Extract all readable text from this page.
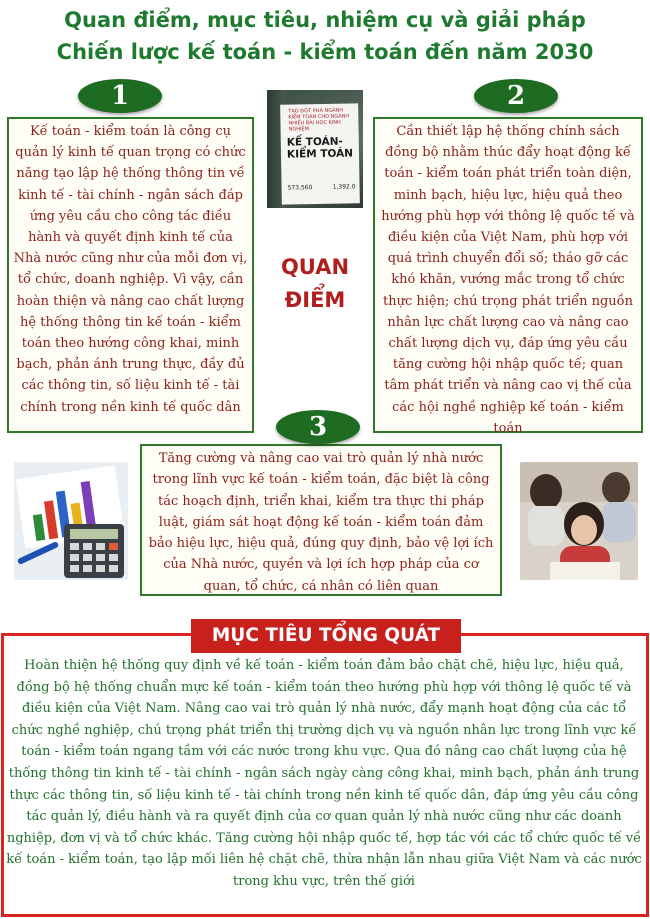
Quan điểm, mục tiêu, nhiệm cụ và giải pháp
Chiến lược kế toán - kiểm toán đến năm 2030
1	2
3
Kế toán - kiểm toán là công cụ quản lý kinh tế quan trọng có chức năng tạo lập hệ thống thông tin về kinh tế - tài chính - ngân sách đáp ứng yêu cầu cho công tác điều hành và quyết định kinh tế của Nhà nước cũng như của mỗi đơn vị, tổ chức, doanh nghiệp. Vì vậy, cần hoàn thiện và nâng cao chất lượng hệ thống thông tin kế toán - kiểm toán theo hướng công khai, minh bạch, phản ánh trung thực, đầy đủ các thông tin, số liệu kinh tế - tài chính trong nền kinh tế quốc dân
TẠO ĐỘT PHÁ NGÀNH KIỂM TOÁN CHO NGÀNH NHIỀU BÀI HỌC KINH NGHIỆM
KẾ TOÁN-
KIỂM TOÁN
573,560	1,392.0
QUAN
ĐIỂM
Cần thiết lập hệ thống chính sách đồng bộ nhằm thúc đẩy hoạt động kế toán - kiểm toán phát triển toàn diện, minh bạch, hiệu lực, hiệu quả theo hướng phù hợp với thông lệ quốc tế và điều kiện của Việt Nam, phù hợp với quá trình chuyển đổi số; tháo gỡ các khó khăn, vướng mắc trong tổ chức thực hiện; chú trọng phát triển nguồn nhân lực chất lượng cao và nâng cao chất lượng dịch vụ, đáp ứng yêu cầu tăng cường hội nhập quốc tế; quan tâm phát triển và nâng cao vị thế của các hội nghề nghiệp kế toán - kiểm toán
Tăng cường và nâng cao vai trò quản lý nhà nước trong lĩnh vực kế toán - kiểm toán, đặc biệt là công tác hoạch định, triển khai, kiểm tra thực thi pháp luật, giám sát hoạt động kế toán - kiểm toán đảm bảo hiệu lực, hiệu quả, đúng quy định, bảo vệ lợi ích của Nhà nước, quyền và lợi ích hợp pháp của cơ quan, tổ chức, cá nhân có liên quan
MỤC TIÊU TỔNG QUÁT
Hoàn thiện hệ thống quy định về kế toán - kiểm toán đảm bảo chặt chẽ, hiệu lực, hiệu quả, đồng bộ hệ thống chuẩn mực kế toán - kiểm toán theo hướng phù hợp với thông lệ quốc tế và điều kiện của Việt Nam. Nâng cao vai trò quản lý nhà nước, đẩy mạnh hoạt động của các tổ chức nghề nghiệp, chú trọng phát triển thị trường dịch vụ và nguồn nhân lực trong lĩnh vực kế toán - kiểm toán ngang tầm với các nước trong khu vực. Qua đó nâng cao chất lượng của hệ thống thông tin kinh tế - tài chính - ngân sách ngày càng công khai, minh bạch, phản ánh trung thực các thông tin, số liệu kinh tế - tài chính trong nền kinh tế quốc dân, đáp ứng yêu cầu công tác quản lý, điều hành và ra quyết định của cơ quan quản lý nhà nước cũng như các doanh nghiệp, đơn vị và tổ chức khác. Tăng cường hội nhập quốc tế, hợp tác với các tổ chức quốc tế về kế toán - kiểm toán, tạo lập mối liên hệ chặt chẽ, thừa nhận lẫn nhau giữa Việt Nam và các nước trong khu vực, trên thế giới
